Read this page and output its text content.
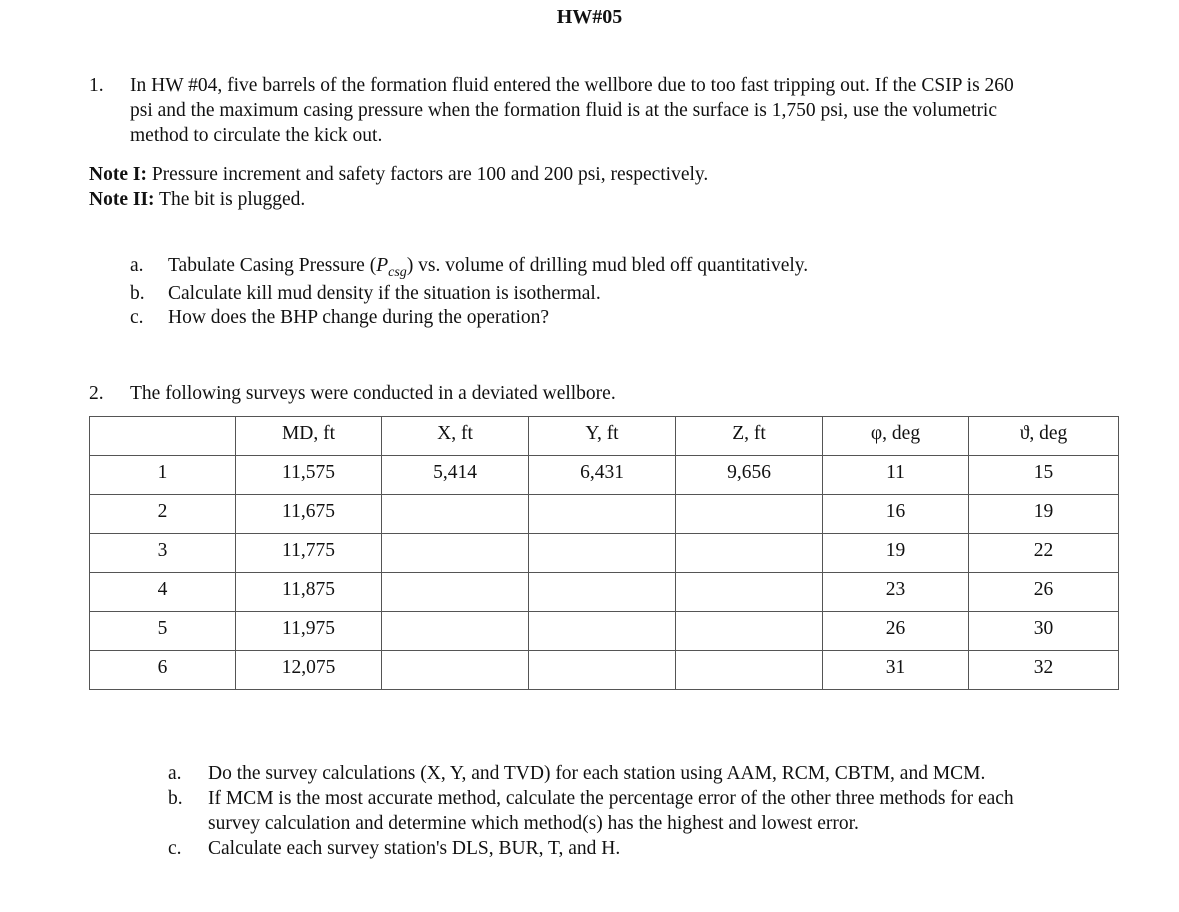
HW#05
1.	In HW #04, five barrels of the formation fluid entered the wellbore due to too fast tripping out. If the CSIP is 260
psi and the maximum casing pressure when the formation fluid is at the surface is 1,750 psi, use the volumetric
method to circulate the kick out.
Note I: Pressure increment and safety factors are 100 and 200 psi, respectively.
Note II: The bit is plugged.
a.	Tabulate Casing Pressure $(P_{csg})$ vs. volume of drilling mud bled off quantitatively.
b.	Calculate kill mud density if the situation is isothermal.
c.	How does the BHP change during the operation?
2.	The following surveys were conducted in a deviated wellbore.
	MD, ft	X, ft	Y, ft	Z, ft	φ, deg	ϑ, deg
1	11,575	5,414	6,431	9,656	11	15
2	11,675				16	19
3	11,775				19	22
4	11,875				23	26
5	11,975				26	30
6	12,075				31	32
a.	Do the survey calculations (X, Y, and TVD) for each station using AAM, RCM, CBTM, and MCM.
b.	If MCM is the most accurate method, calculate the percentage error of the other three methods for each
survey calculation and determine which method(s) has the highest and lowest error.
c.	Calculate each survey station's DLS, BUR, T, and H.
